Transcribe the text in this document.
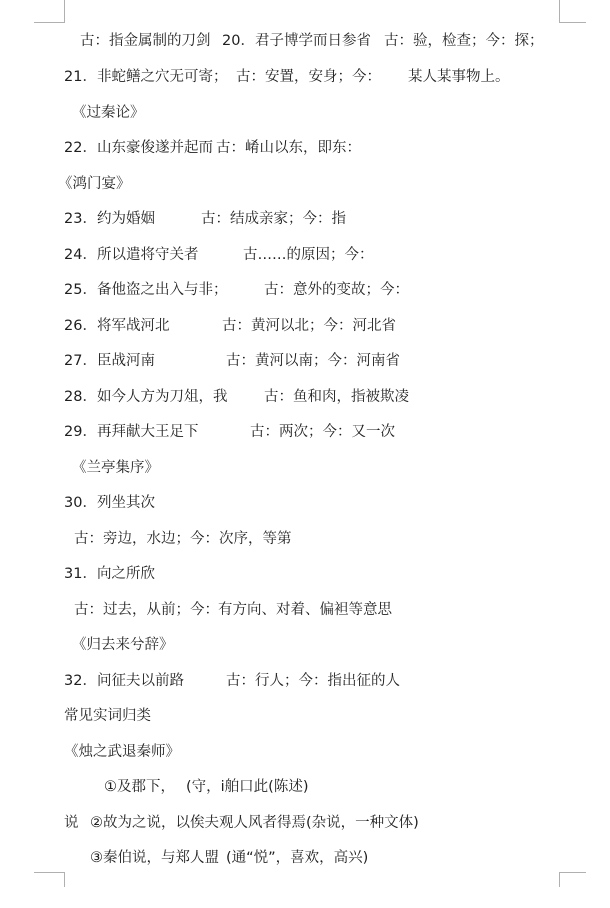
古：指金属制的刀剑

20．君子博学而日参省

古：验，检查；今：探；

21．非蛇鳝之穴无可寄；

古：安置，安身；今：

某人某事物上。

《过秦论》

22．山东豪俊遂并起而

古：崤山以东，即东：

《鸿门宴》

23．约为婚姻

	古：结成亲家；今：指

24．所以遣将守关者

	古……的原因；今：

25．备他盗之出入与非；

	古：意外的变故；今：

26．将军战河北

	古：黄河以北；今：河北省

27．臣战河南

	古：黄河以南；今：河南省

28．如今人方为刀俎，我

	古：鱼和肉，指被欺凌

29．再拜献大王足下

	古：两次；今：又一次

《兰亭集序》

30．列坐其次

古：旁边，水边；今：次序，等第

31．向之所欣

古：过去，从前；今：

有方向、对着、偏袒等意思

《归去来兮辞》

32．问征夫以前路

	古：行人；今：指出征的人

常见实词归类

《烛之武退秦师》

①及郡下，

(守，i舶口此(陈述)

说

②故为之说，以俟夫观人风者得焉

(杂说，一种文体)

③秦伯说，与郑人盟

(通“悦”，喜欢，高兴)
